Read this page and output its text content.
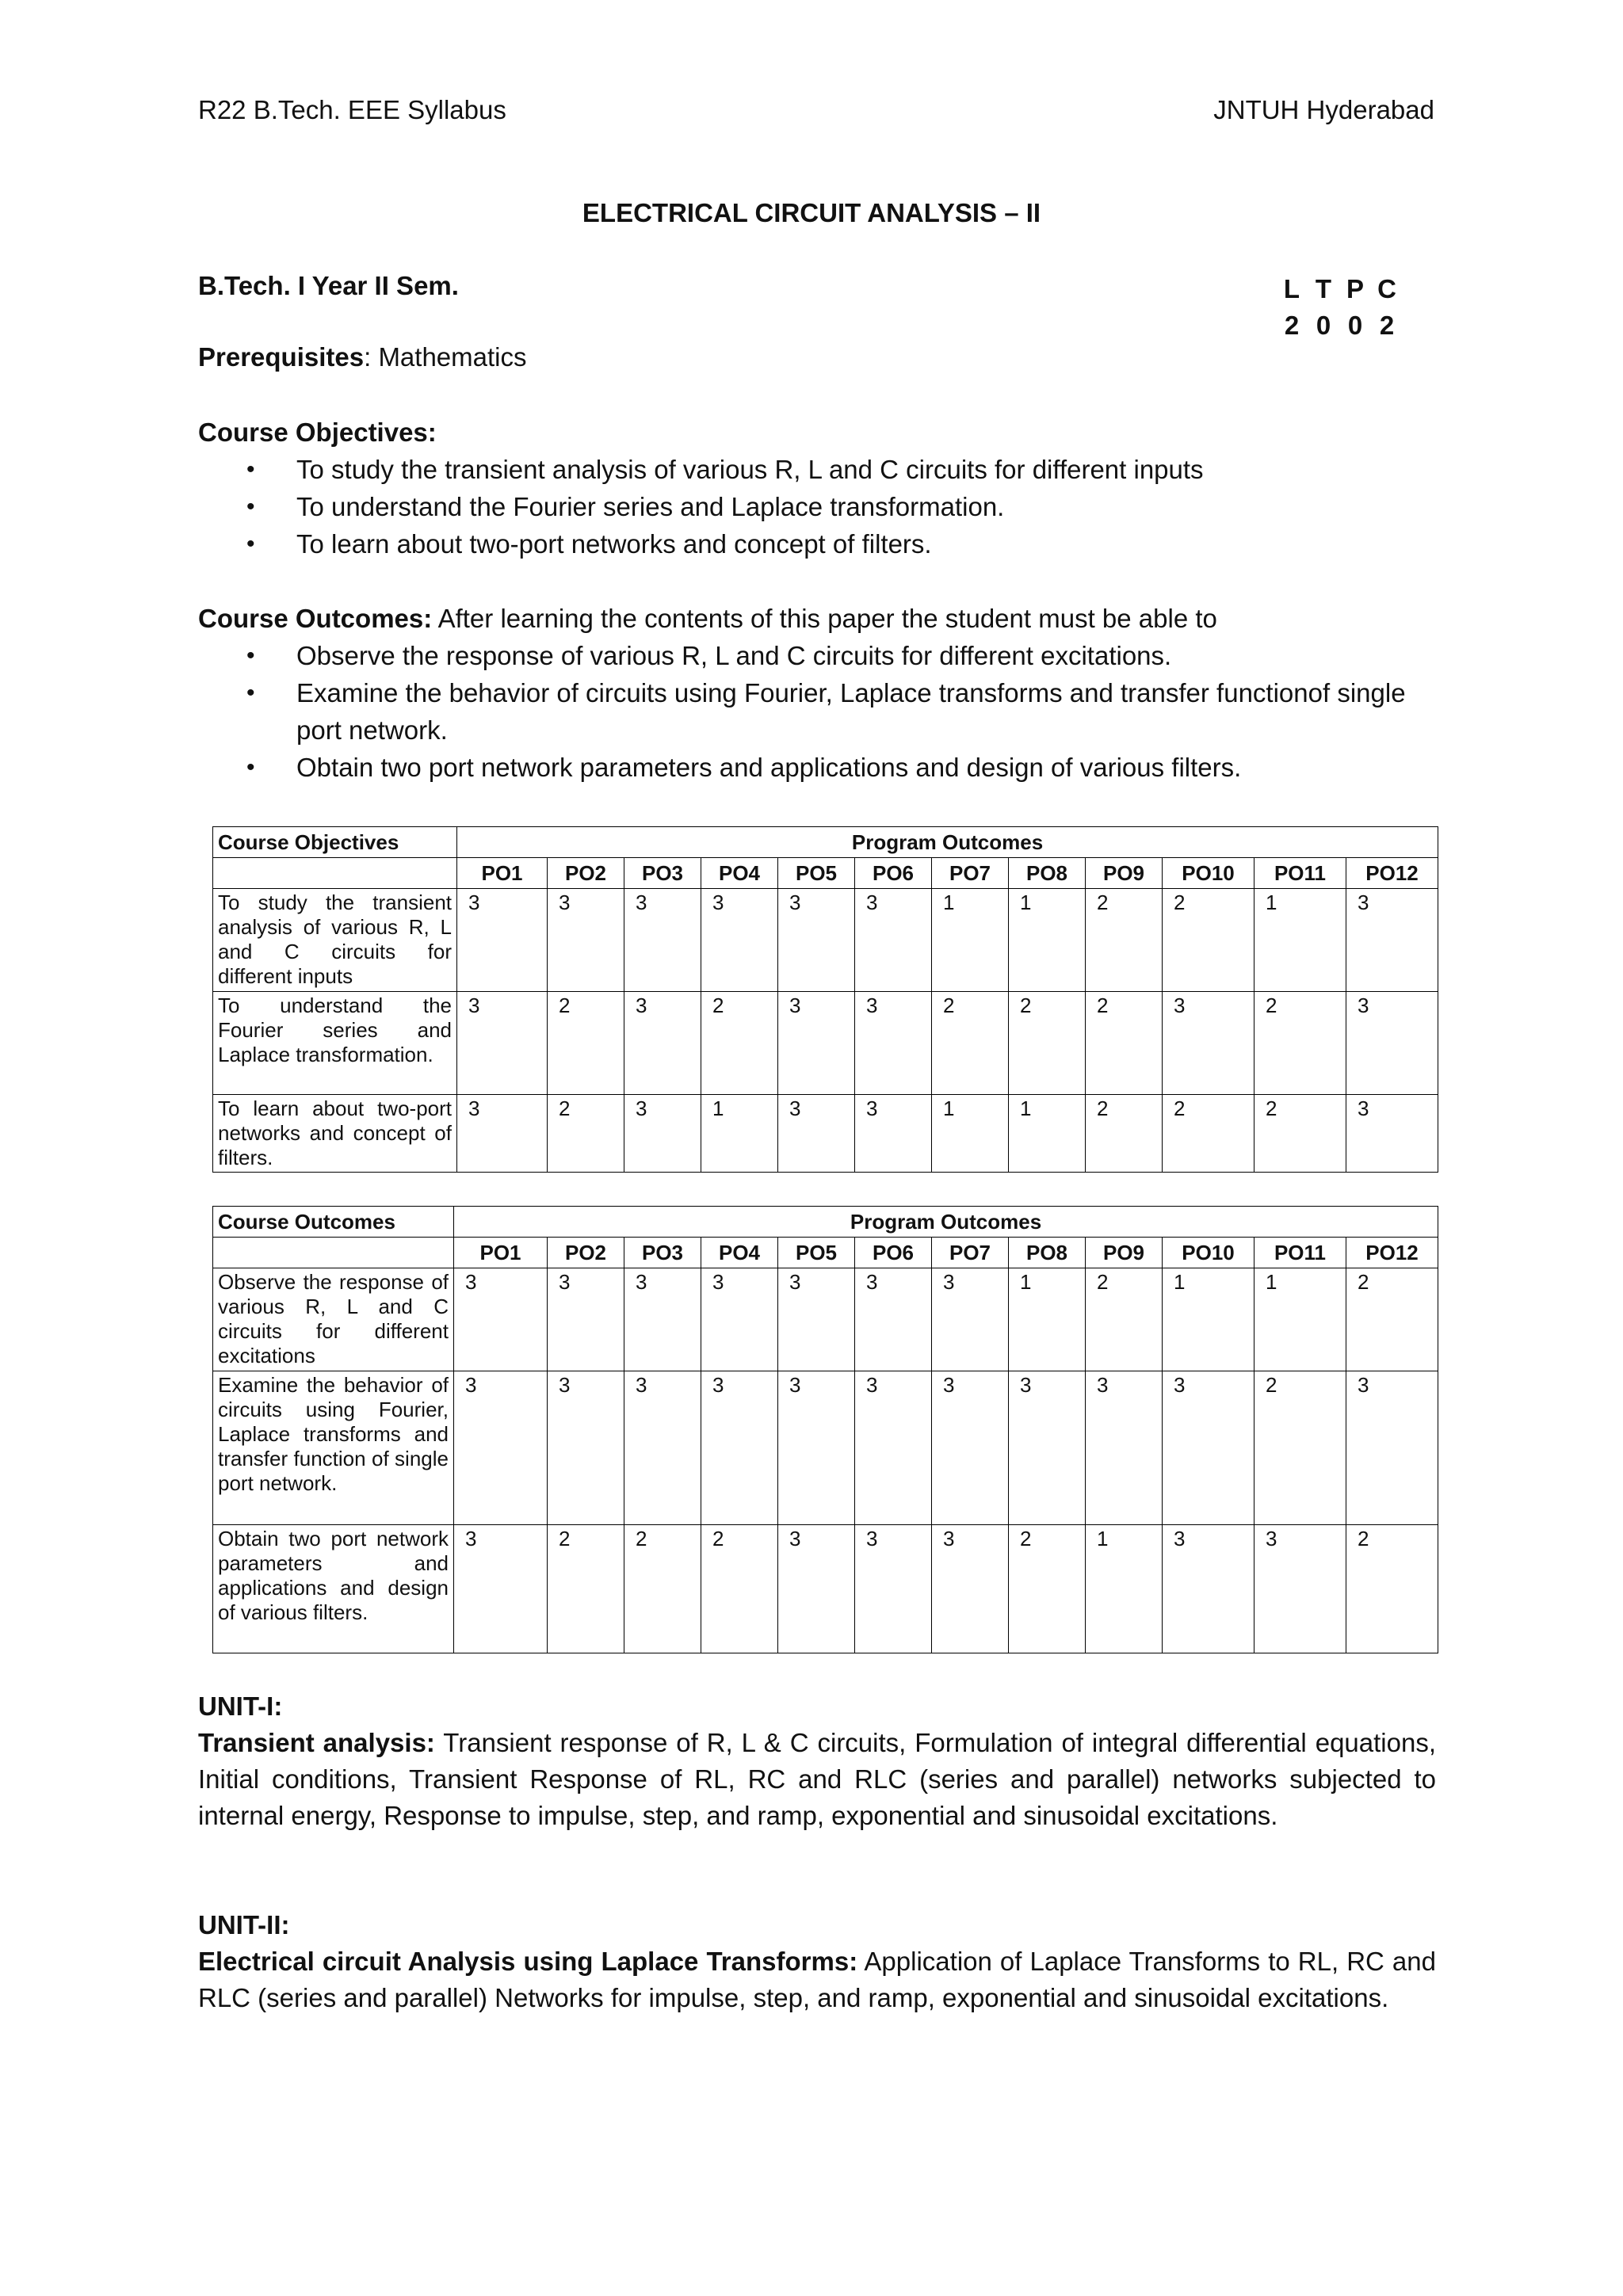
R22 B.Tech. EEE Syllabus	JNTUH Hyderabad
ELECTRICAL CIRCUIT ANALYSIS – II
B.Tech. I Year II Sem.	L	T	P	C
2	0	0	2
Prerequisites: Mathematics
Course Objectives:
• To study the transient analysis of various R, L and C circuits for different inputs
• To understand the Fourier series and Laplace transformation.
• To learn about two-port networks and concept of filters.
Course Outcomes: After learning the contents of this paper the student must be able to
• Observe the response of various R, L and C circuits for different excitations.
• Examine the behavior of circuits using Fourier, Laplace transforms and transfer functionof single port network.
• Obtain two port network parameters and applications and design of various filters.
Course Objectives	Program Outcomes											
	PO1	PO2	PO3	PO4	PO5	PO6	PO7	PO8	PO9	PO10	PO11	PO12
To study the transient analysis of various R, L and C circuits for different inputs	3	3	3	3	3	3	1	1	2	2	1	3
To understand the Fourier series and Laplace transformation.	3	2	3	2	3	3	2	2	2	3	2	3
To learn about two-port networks and concept of filters.	3	2	3	1	3	3	1	1	2	2	2	3
Course Outcomes	Program Outcomes											
	PO1	PO2	PO3	PO4	PO5	PO6	PO7	PO8	PO9	PO10	PO11	PO12
Observe the response of various R, L and C circuits for different excitations	3	3	3	3	3	3	3	1	2	1	1	2
Examine the behavior of circuits using Fourier, Laplace transforms and transfer function of single port network.	3	3	3	3	3	3	3	3	3	3	2	3
Obtain two port network parameters and applications and design of various filters.	3	2	2	2	3	3	3	2	1	3	3	2
UNIT-I:
Transient analysis: Transient response of R, L & C circuits, Formulation of integral differential equations, Initial conditions, Transient Response of RL, RC and RLC (series and parallel) networks subjected to internal energy, Response to impulse, step, and ramp, exponential and sinusoidal excitations.
UNIT-II:
Electrical circuit Analysis using Laplace Transforms: Application of Laplace Transforms to RL, RC and RLC (series and parallel) Networks for impulse, step, and ramp, exponential and sinusoidal excitations.
